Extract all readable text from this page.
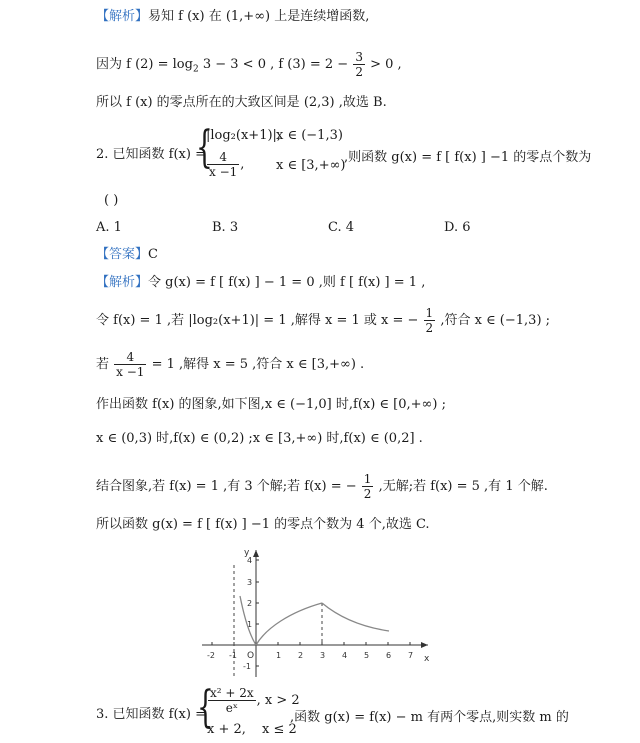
【解析】易知 f (x) 在 (1,+∞) 上是连续增函数,
因为 f $(2) = \log_2 3 - 3 < 0$ , f $(3) = 2 - \frac{3}{2} > 0$ ,
所以 f (x) 的零点所在的大致区间是 (2,3) ,故选 B.
2. 已知函数 f(x) =
{
|log₂(x+1)|,
x ∈ (−1,3)
$\frac{4}{x -1}$ , x ∈ [3,+∞)
,则函数 g(x) = f [ f(x) ] −1 的零点个数为
( )
A. 1	B. 3	C. 4	D. 6
【答案】C
【解析】令 g(x) = f [ f(x) ] − 1 = 0 ,则 f [ f(x) ] = 1 ,
令 f(x) = 1 ,若 |log₂(x+1)| = 1 ,解得 x = 1 或 x = − $\frac{1}{2}$ ,符合 x ∈ (−1,3) ;
若 $\frac{4}{x -1} = 1$ ,解得 x = 5 ,符合 x ∈ [3,+∞) .
作出函数 f(x) 的图象,如下图,x ∈ (−1,0] 时,f(x) ∈ [0,+∞) ;
x ∈ (0,3) 时,f(x) ∈ (0,2) ;x ∈ [3,+∞) 时,f(x) ∈ (0,2] .
结合图象,若 f(x) = 1 ,有 3 个解;若 f(x) = − $\frac{1}{2}$ ,无解;若 f(x) = 5 ,有 1 个解.
所以函数 g(x) = f [ f(x) ] −1 的零点个数为 4 个,故选 C.
x
y
O
-2 -1	1 2 3 4 5 6 7
4
3
2
1
-1
3. 已知函数 f(x) =
{
$\frac{\text{x² + 2x}}{\text{eˣ}}$ , x > 2
x + 2, x ≤ 2
,函数 g(x) = f(x) − m 有两个零点,则实数 m 的
